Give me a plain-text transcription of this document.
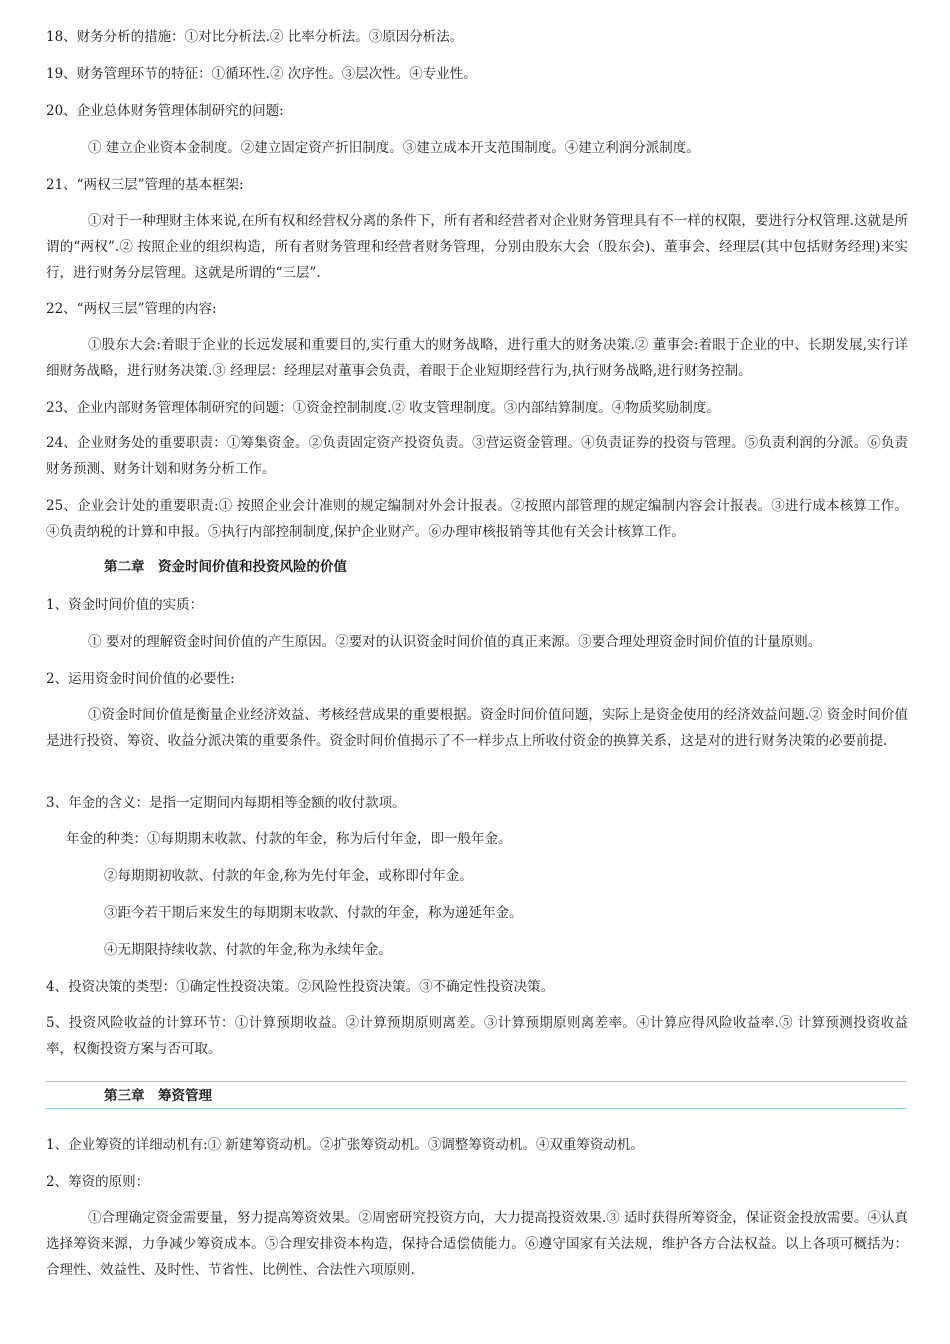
18、财务分析的措施：①对比分析法.② 比率分析法。③原因分析法。

19、财务管理环节的特征：①循环性.② 次序性。③层次性。④专业性。

20、企业总体财务管理体制研究的问题:

① 建立企业资本金制度。②建立固定资产折旧制度。③建立成本开支范围制度。④建立利润分派制度。

21、“两权三层”管理的基本框架:

①对于一种理财主体来说,在所有权和经营权分离的条件下，所有者和经营者对企业财务管理具有不一样的权限，要进行分权管理.这就是所谓的“两权”.② 按照企业的组织构造，所有者财务管理和经营者财务管理，分别由股东大会（股东会)、董事会、经理层(其中包括财务经理)来实行，进行财务分层管理。这就是所谓的“三层”.

22、“两权三层”管理的内容:

①股东大会:着眼于企业的长远发展和重要目的,实行重大的财务战略，进行重大的财务决策.② 董事会:着眼于企业的中、长期发展,实行详细财务战略，进行财务决策.③ 经理层：经理层对董事会负责，着眼于企业短期经营行为,执行财务战略,进行财务控制。

23、企业内部财务管理体制研究的问题：①资金控制制度.② 收支管理制度。③内部结算制度。④物质奖励制度。

24、企业财务处的重要职责：①筹集资金。②负责固定资产投资负责。③营运资金管理。④负责证券的投资与管理。⑤负责利润的分派。⑥负责财务预测、财务计划和财务分析工作。

25、企业会计处的重要职责:① 按照企业会计准则的规定编制对外会计报表。②按照内部管理的规定编制内容会计报表。③进行成本核算工作。④负责纳税的计算和申报。⑤执行内部控制制度,保护企业财产。⑥办理审核报销等其他有关会计核算工作。

第二章　资金时间价值和投资风险的价值

1、资金时间价值的实质：

① 要对的理解资金时间价值的产生原因。②要对的认识资金时间价值的真正来源。③要合理处理资金时间价值的计量原则。

2、运用资金时间价值的必要性:

①资金时间价值是衡量企业经济效益、考核经营成果的重要根据。资金时间价值问题，实际上是资金使用的经济效益问题.② 资金时间价值是进行投资、筹资、收益分派决策的重要条件。资金时间价值揭示了不一样步点上所收付资金的换算关系，这是对的进行财务决策的必要前提.

3、年金的含义：是指一定期间内每期相等金额的收付款项。

年金的种类：①每期期末收款、付款的年金，称为后付年金，即一般年金。

②每期期初收款、付款的年金,称为先付年金，或称即付年金。

③距今若干期后来发生的每期期末收款、付款的年金，称为递延年金。

④无期限持续收款、付款的年金,称为永续年金。

4、投资决策的类型：①确定性投资决策。②风险性投资决策。③不确定性投资决策。

5、投资风险收益的计算环节：①计算预期收益。②计算预期原则离差。③计算预期原则离差率。④计算应得风险收益率.⑤ 计算预测投资收益率，权衡投资方案与否可取。

第三章　筹资管理

1、企业筹资的详细动机有:① 新建筹资动机。②扩张筹资动机。③调整筹资动机。④双重筹资动机。

2、筹资的原则：

①合理确定资金需要量，努力提高筹资效果。②周密研究投资方向，大力提高投资效果.③ 适时获得所筹资金，保证资金投放需要。④认真选择筹资来源，力争减少筹资成本。⑤合理安排资本构造，保持合适偿债能力。⑥遵守国家有关法规，维护各方合法权益。以上各项可概括为：合理性、效益性、及时性、节省性、比例性、合法性六项原则.
